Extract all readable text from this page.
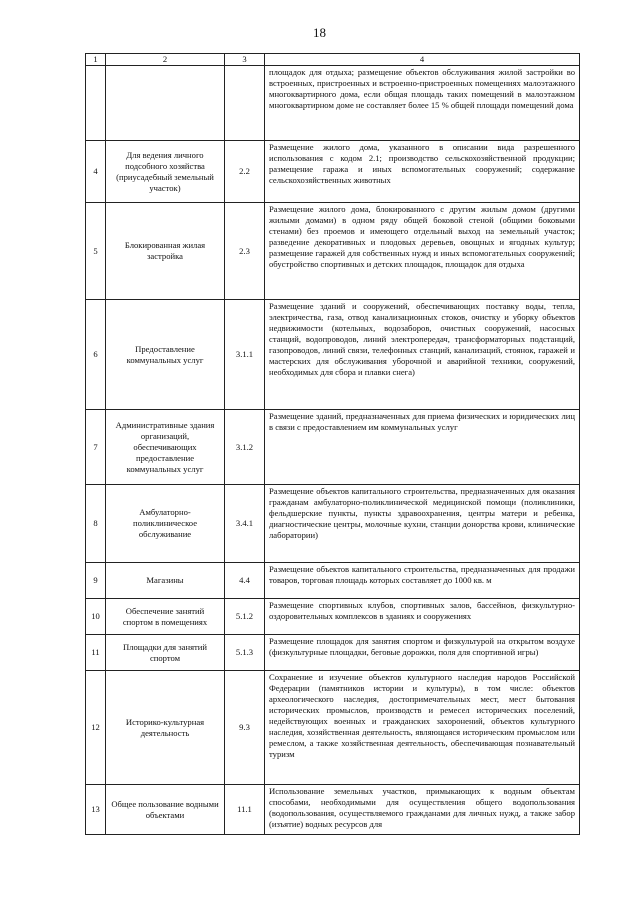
18
1	2	3	4
			площадок для отдыха; размещение объектов обслуживания жилой застройки во встроенных, пристроенных и встроенно-пристроенных помещениях малоэтажного многоквартирного дома, если общая площадь таких помещений в малоэтажном многоквартирном доме не составляет более 15 % общей площади помещений дома
4	Для ведения личного подсобного хозяйства (приусадебный земельный участок)	2.2	Размещение жилого дома, указанного в описании вида разрешенного использования с кодом 2.1; производство сельскохозяйственной продукции; размещение гаража и иных вспомогательных сооружений; содержание сельскохозяйственных животных
5	Блокированная жилая застройка	2.3	Размещение жилого дома, блокированного с другим жилым домом (другими жилыми домами) в одном ряду общей боковой стеной (общими боковыми стенами) без проемов и имеющего отдельный выход на земельный участок; разведение декоративных и плодовых деревьев, овощных и ягодных культур; размещение гаражей для собственных нужд и иных вспомогательных сооружений; обустройство спортивных и детских площадок, площадок для отдыха
6	Предоставление коммунальных услуг	3.1.1	Размещение зданий и сооружений, обеспечивающих поставку воды, тепла, электричества, газа, отвод канализационных стоков, очистку и уборку объектов недвижимости (котельных, водозаборов, очистных сооружений, насосных станций, водопроводов, линий электропередач, трансформаторных подстанций, газопроводов, линий связи, телефонных станций, канализаций, стоянок, гаражей и мастерских для обслуживания уборочной и аварийной техники, сооружений, необходимых для сбора и плавки снега)
7	Административные здания организаций, обеспечивающих предоставление коммунальных услуг	3.1.2	Размещение зданий, предназначенных для приема физических и юридических лиц в связи с предоставлением им коммунальных услуг
8	Амбулаторно-поликлиническое обслуживание	3.4.1	Размещение объектов капитального строительства, предназначенных для оказания гражданам амбулаторно-поликлинической медицинской помощи (поликлиники, фельдшерские пункты, пункты здравоохранения, центры матери и ребенка, диагностические центры, молочные кухни, станции донорства крови, клинические лаборатории)
9	Магазины	4.4	Размещение объектов капитального строительства, предназначенных для продажи товаров, торговая площадь которых составляет до 1000 кв. м
10	Обеспечение занятий спортом в помещениях	5.1.2	Размещение спортивных клубов, спортивных залов, бассейнов, физкультурно-оздоровительных комплексов в зданиях и сооружениях
11	Площадки для занятий спортом	5.1.3	Размещение площадок для занятия спортом и физкультурой на открытом воздухе (физкультурные площадки, беговые дорожки, поля для спортивной игры)
12	Историко-культурная деятельность	9.3	Сохранение и изучение объектов культурного наследия народов Российской Федерации (памятников истории и культуры), в том числе: объектов археологического наследия, достопримечательных мест, мест бытования исторических промыслов, производств и ремесел исторических поселений, недействующих военных и гражданских захоронений, объектов культурного наследия, хозяйственная деятельность, являющаяся историческим промыслом или ремеслом, а также хозяйственная деятельность, обеспечивающая познавательный туризм
13	Общее пользование водными объектами	11.1	Использование земельных участков, примыкающих к водным объектам способами, необходимыми для осуществления общего водопользования (водопользования, осуществляемого гражданами для личных нужд, а также забор (изъятие) водных ресурсов для
